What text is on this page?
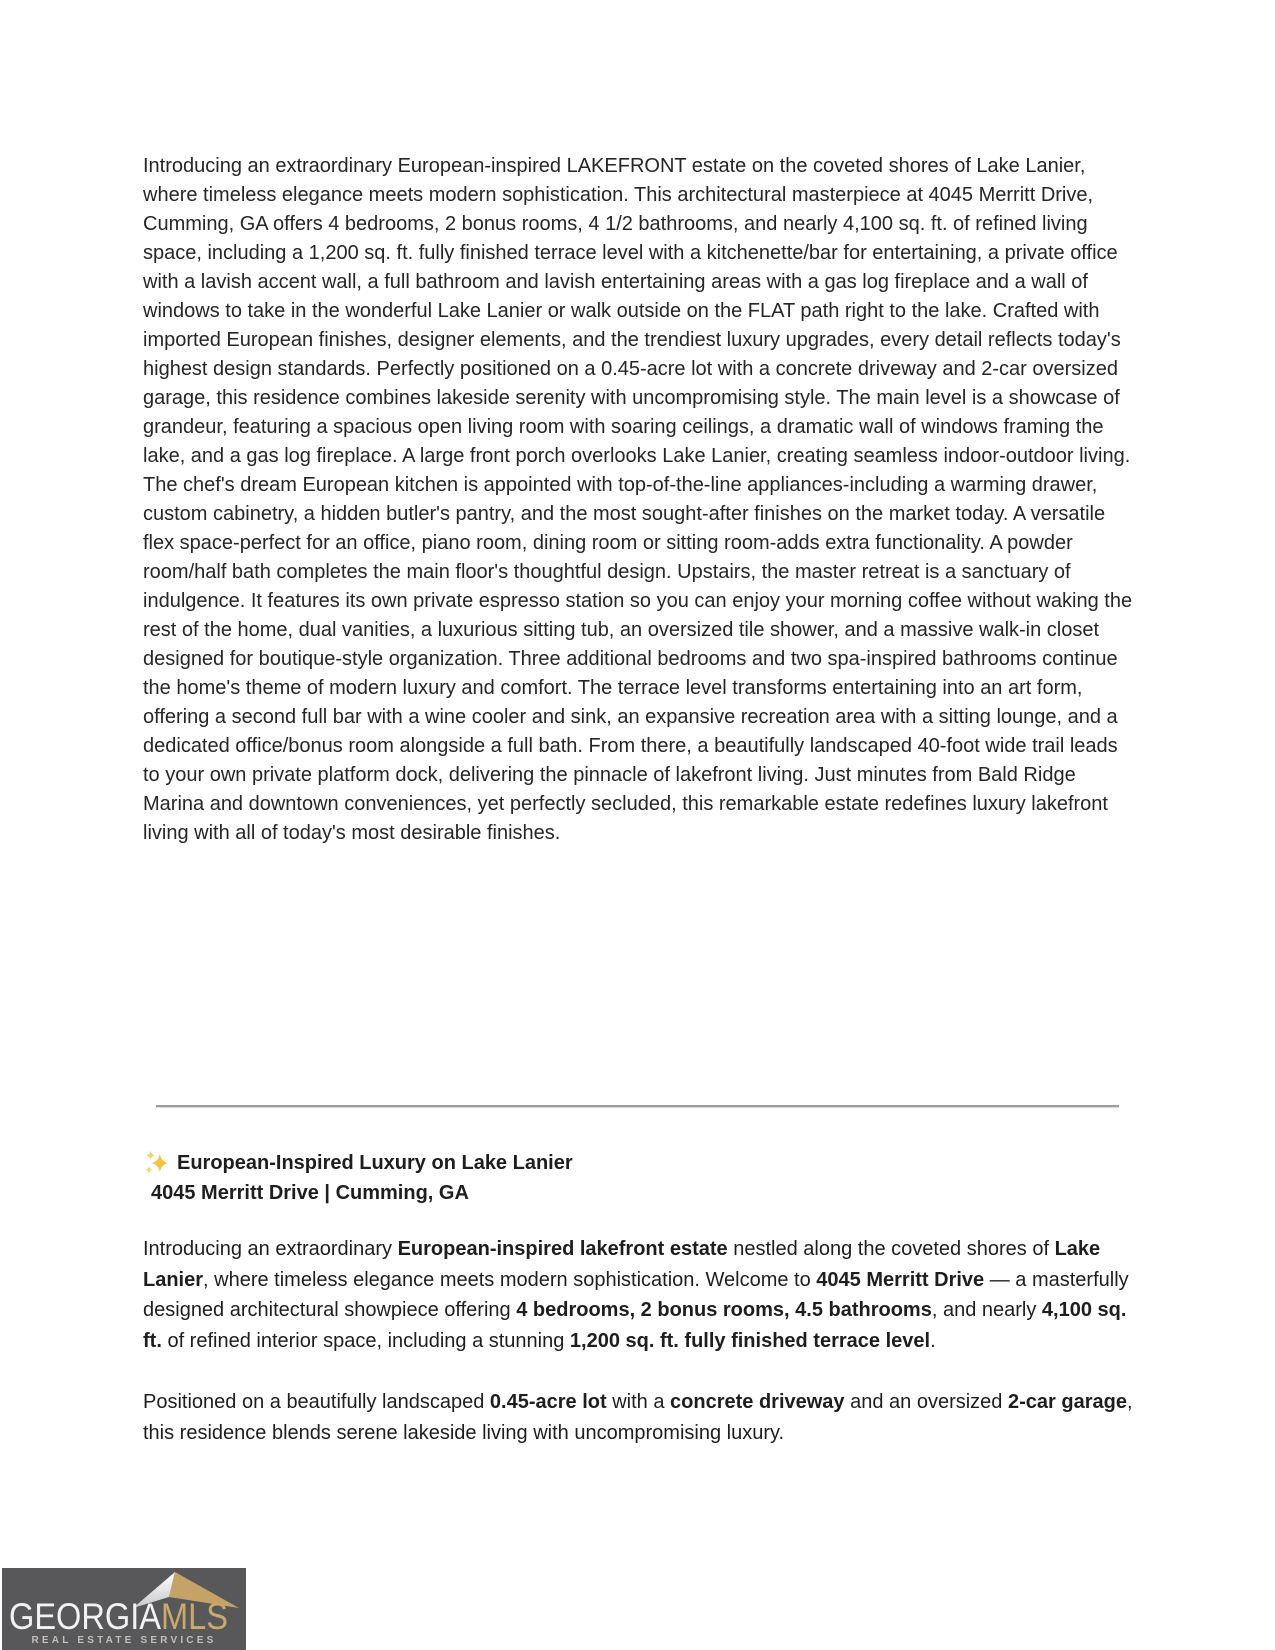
Introducing an extraordinary European-inspired LAKEFRONT estate on the coveted shores of Lake Lanier, where timeless elegance meets modern sophistication. This architectural masterpiece at 4045 Merritt Drive, Cumming, GA offers 4 bedrooms, 2 bonus rooms, 4 1/2 bathrooms, and nearly 4,100 sq. ft. of refined living space, including a 1,200 sq. ft. fully finished terrace level with a kitchenette/bar for entertaining, a private office with a lavish accent wall, a full bathroom and lavish entertaining areas with a gas log fireplace and a wall of windows to take in the wonderful Lake Lanier or walk outside on the FLAT path right to the lake. Crafted with imported European finishes, designer elements, and the trendiest luxury upgrades, every detail reflects today's highest design standards. Perfectly positioned on a 0.45-acre lot with a concrete driveway and 2-car oversized garage, this residence combines lakeside serenity with uncompromising style. The main level is a showcase of grandeur, featuring a spacious open living room with soaring ceilings, a dramatic wall of windows framing the lake, and a gas log fireplace. A large front porch overlooks Lake Lanier, creating seamless indoor-outdoor living. The chef's dream European kitchen is appointed with top-of-the-line appliances-including a warming drawer, custom cabinetry, a hidden butler's pantry, and the most sought-after finishes on the market today. A versatile flex space-perfect for an office, piano room, dining room or sitting room-adds extra functionality. A powder room/half bath completes the main floor's thoughtful design. Upstairs, the master retreat is a sanctuary of indulgence. It features its own private espresso station so you can enjoy your morning coffee without waking the rest of the home, dual vanities, a luxurious sitting tub, an oversized tile shower, and a massive walk-in closet designed for boutique-style organization. Three additional bedrooms and two spa-inspired bathrooms continue the home's theme of modern luxury and comfort. The terrace level transforms entertaining into an art form, offering a second full bar with a wine cooler and sink, an expansive recreation area with a sitting lounge, and a dedicated office/bonus room alongside a full bath. From there, a beautifully landscaped 40-foot wide trail leads to your own private platform dock, delivering the pinnacle of lakefront living. Just minutes from Bald Ridge Marina and downtown conveniences, yet perfectly secluded, this remarkable estate redefines luxury lakefront living with all of today's most desirable finishes.

European-Inspired Luxury on Lake Lanier
4045 Merritt Drive | Cumming, GA

Introducing an extraordinary European-inspired lakefront estate nestled along the coveted shores of Lake Lanier, where timeless elegance meets modern sophistication. Welcome to 4045 Merritt Drive — a masterfully designed architectural showpiece offering 4 bedrooms, 2 bonus rooms, 4.5 bathrooms, and nearly 4,100 sq. ft. of refined interior space, including a stunning 1,200 sq. ft. fully finished terrace level.

Positioned on a beautifully landscaped 0.45-acre lot with a concrete driveway and an oversized 2-car garage, this residence blends serene lakeside living with uncompromising luxury.

GEORGIAMLS
REAL ESTATE SERVICES
